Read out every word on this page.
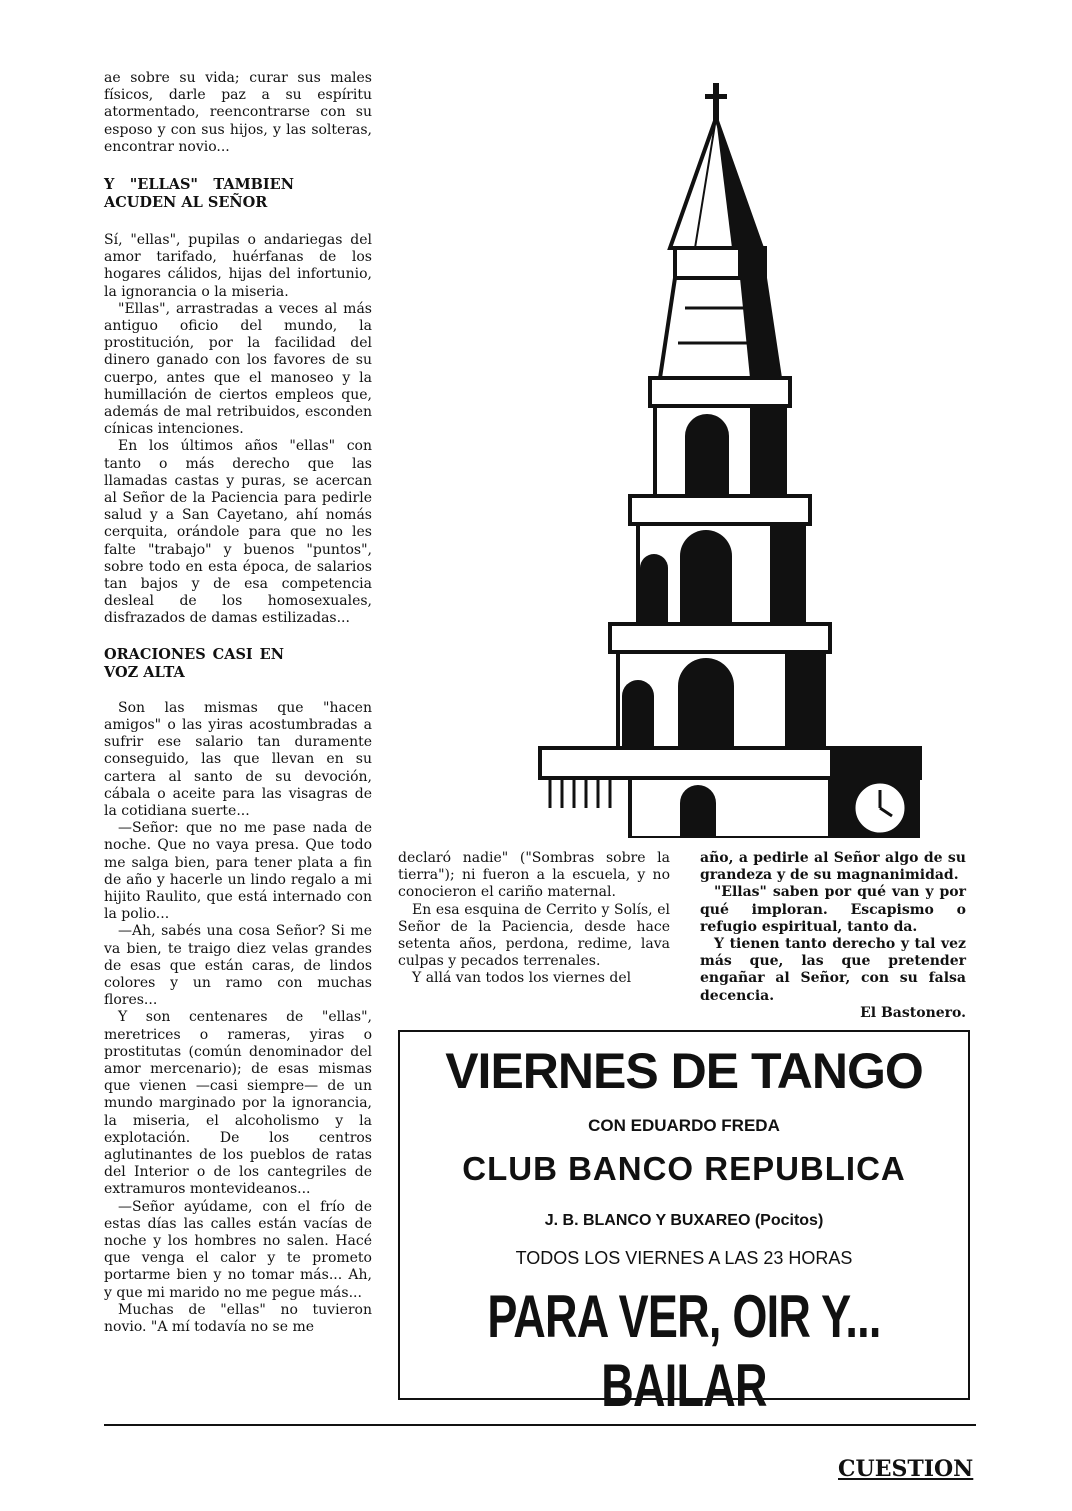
ae sobre su vida; curar sus males físicos, darle paz a su espíritu atormentado, reencontrarse con su esposo y con sus hijos, y las solteras, encontrar novio...

Y "ELLAS" TAMBIEN ACUDEN AL SEÑOR

Sí, "ellas", pupilas o andariegas del amor tarifado, huérfanas de los hogares cálidos, hijas del infortunio, la ignorancia o la miseria.

"Ellas", arrastradas a veces al más antiguo oficio del mundo, la prostitución, por la facilidad del dinero ganado con los favores de su cuerpo, antes que el manoseo y la humillación de ciertos empleos que, además de mal retribuidos, esconden cínicas intenciones.

En los últimos años "ellas" con tanto o más derecho que las llamadas castas y puras, se acercan al Señor de la Paciencia para pedirle salud y a San Cayetano, ahí nomás cerquita, orándole para que no les falte "trabajo" y buenos "puntos", sobre todo en esta época, de salarios tan bajos y de esa competencia desleal de los homosexuales, disfrazados de damas estilizadas...

ORACIONES CASI EN VOZ ALTA

Son las mismas que "hacen amigos" o las yiras acostumbradas a sufrir ese salario tan duramente conseguido, las que llevan en su cartera al santo de su devoción, cábala o aceite para las visagras de la cotidiana suerte...

—Señor: que no me pase nada de noche. Que no vaya presa. Que todo me salga bien, para tener plata a fin de año y hacerle un lindo regalo a mi hijito Raulito, que está internado con la polio...

—Ah, sabés una cosa Señor? Si me va bien, te traigo diez velas grandes de esas que están caras, de lindos colores y un ramo con muchas flores...

Y son centenares de "ellas", meretrices o rameras, yiras o prostitutas (común denominador del amor mercenario); de esas mismas que vienen —casi siempre— de un mundo marginado por la ignorancia, la miseria, el alcoholismo y la explotación. De los centros aglutinantes de los pueblos de ratas del Interior o de los cantegriles de extramuros montevideanos...

—Señor ayúdame, con el frío de estas días las calles están vacías de noche y los hombres no salen. Hacé que venga el calor y te prometo portarme bien y no tomar más... Ah, y que mi marido no me pegue más...

Muchas de "ellas" no tuvieron novio. "A mí todavía no se me

declaró nadie" ("Sombras sobre la tierra"); ni fueron a la escuela, y no conocieron el cariño maternal.

En esa esquina de Cerrito y Solís, el Señor de la Paciencia, desde hace setenta años, perdona, redime, lava culpas y pecados terrenales.

Y allá van todos los viernes del

año, a pedirle al Señor algo de su grandeza y de su magnanimidad.

"Ellas" saben por qué van y por qué imploran. Escapismo o refugio espiritual, tanto da.

Y tienen tanto derecho y tal vez más que, las que pretender engañar al Señor, con su falsa decencia.

El Bastonero.

VIERNES DE TANGO
CON EDUARDO FREDA
CLUB BANCO REPUBLICA
J. B. BLANCO Y BUXAREO (Pocitos)
TODOS LOS VIERNES A LAS 23 HORAS
PARA VER, OIR Y... BAILAR
CUESTION
